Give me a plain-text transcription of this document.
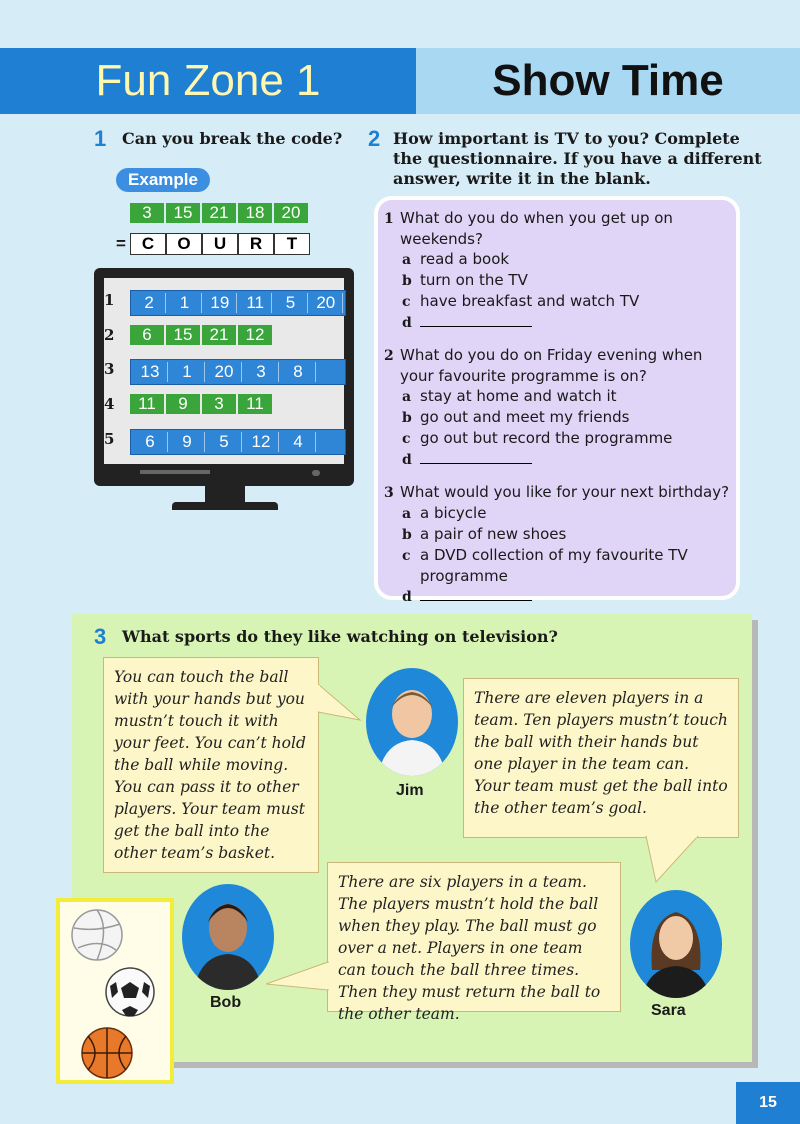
Fun Zone 1	Show Time
1 Can you break the code?
Example
3	15	21	18	20
= C	O	U	R	T
1	2	1	19	11	5	20
2	6	15	21	12
3	13	1	20	3	8
4	11	9	3	11
5	6	9	5	12	4
2 How important is TV to you? Complete
the questionnaire. If you have a different
answer, write it in the blank.
1 What do you do when you get up on
weekends?
a read a book
b turn on the TV
c have breakfast and watch TV
d
2 What do you do on Friday evening when
your favourite programme is on?
a stay at home and watch it
b go out and meet my friends
c go out but record the programme
d
3 What would you like for your next birthday?
a a bicycle
b a pair of new shoes
c a DVD collection of my favourite TV
programme
d
3 What sports do they like watching on television?
You can touch the ball with your hands but you mustn’t touch it with your feet. You can’t hold the ball while moving. You can pass it to other players. Your team must get the ball into the other team’s basket.
Jim
There are eleven players in a team. Ten players mustn’t touch the ball with their hands but one player in the team can. Your team must get the ball into the other team’s goal.
There are six players in a team. The players mustn’t hold the ball when they play. The ball must go over a net. Players in one team can touch the ball three times. Then they must return the ball to the other team.
Bob	Sara
15
